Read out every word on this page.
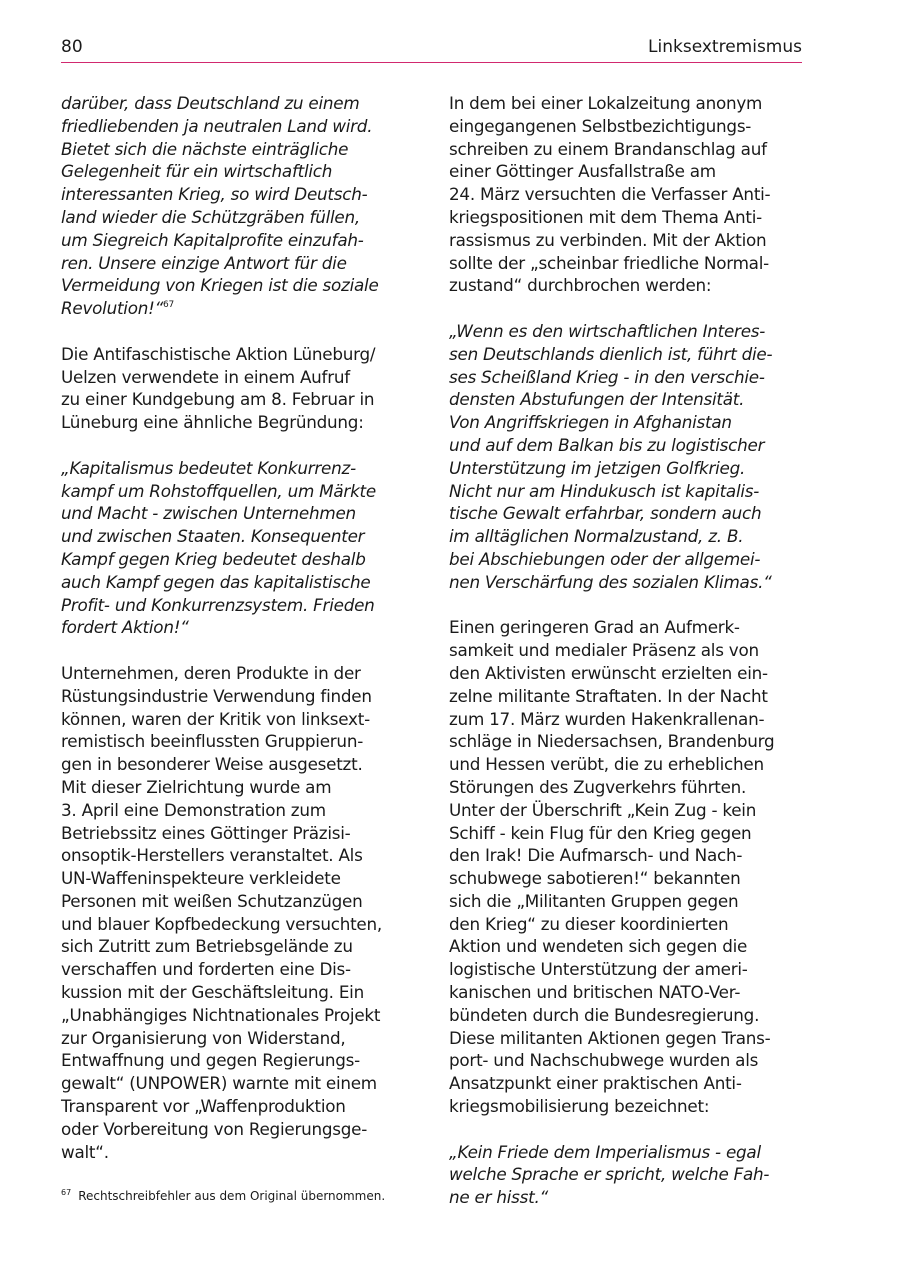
80	Linksextremismus
darüber, dass Deutschland zu einem
friedliebenden ja neutralen Land wird.
Bietet sich die nächste einträgliche
Gelegenheit für ein wirtschaftlich
interessanten Krieg, so wird Deutsch-
land wieder die Schützgräben füllen,
um Siegreich Kapitalprofite einzufah-
ren. Unsere einzige Antwort für die
Vermeidung von Kriegen ist die soziale
Revolution!“$^{67}$
Die Antifaschistische Aktion Lüneburg/
Uelzen verwendete in einem Aufruf
zu einer Kundgebung am 8. Februar in
Lüneburg eine ähnliche Begründung:
„Kapitalismus bedeutet Konkurrenz-
kampf um Rohstoffquellen, um Märkte
und Macht - zwischen Unternehmen
und zwischen Staaten. Konsequenter
Kampf gegen Krieg bedeutet deshalb
auch Kampf gegen das kapitalistische
Profit- und Konkurrenzsystem. Frieden
fordert Aktion!“
Unternehmen, deren Produkte in der
Rüstungsindustrie Verwendung finden
können, waren der Kritik von linksext-
remistisch beeinflussten Gruppierun-
gen in besonderer Weise ausgesetzt.
Mit dieser Zielrichtung wurde am
3. April eine Demonstration zum
Betriebssitz eines Göttinger Präzisi-
onsoptik-Herstellers veranstaltet. Als
UN-Waffeninspekteure verkleidete
Personen mit weißen Schutzanzügen
und blauer Kopfbedeckung versuchten,
sich Zutritt zum Betriebsgelände zu
verschaffen und forderten eine Dis-
kussion mit der Geschäftsleitung. Ein
„Unabhängiges Nichtnationales Projekt
zur Organisierung von Widerstand,
Entwaffnung und gegen Regierungs-
gewalt“ (UNPOWER) warnte mit einem
Transparent vor „Waffenproduktion
oder Vorbereitung von Regierungsge-
walt“.
In dem bei einer Lokalzeitung anonym
eingegangenen Selbstbezichtigungs-
schreiben zu einem Brandanschlag auf
einer Göttinger Ausfallstraße am
24. März versuchten die Verfasser Anti-
kriegspositionen mit dem Thema Anti-
rassismus zu verbinden. Mit der Aktion
sollte der „scheinbar friedliche Normal-
zustand“ durchbrochen werden:
„Wenn es den wirtschaftlichen Interes-
sen Deutschlands dienlich ist, führt die-
ses Scheißland Krieg - in den verschie-
densten Abstufungen der Intensität.
Von Angriffskriegen in Afghanistan
und auf dem Balkan bis zu logistischer
Unterstützung im jetzigen Golfkrieg.
Nicht nur am Hindukusch ist kapitalis-
tische Gewalt erfahrbar, sondern auch
im alltäglichen Normalzustand, z. B.
bei Abschiebungen oder der allgemei-
nen Verschärfung des sozialen Klimas.“
Einen geringeren Grad an Aufmerk-
samkeit und medialer Präsenz als von
den Aktivisten erwünscht erzielten ein-
zelne militante Straftaten. In der Nacht
zum 17. März wurden Hakenkrallenan-
schläge in Niedersachsen, Brandenburg
und Hessen verübt, die zu erheblichen
Störungen des Zugverkehrs führten.
Unter der Überschrift „Kein Zug - kein
Schiff - kein Flug für den Krieg gegen
den Irak! Die Aufmarsch- und Nach-
schubwege sabotieren!“ bekannten
sich die „Militanten Gruppen gegen
den Krieg“ zu dieser koordinierten
Aktion und wendeten sich gegen die
logistische Unterstützung der ameri-
kanischen und britischen NATO-Ver-
bündeten durch die Bundesregierung.
Diese militanten Aktionen gegen Trans-
port- und Nachschubwege wurden als
Ansatzpunkt einer praktischen Anti-
kriegsmobilisierung bezeichnet:
„Kein Friede dem Imperialismus - egal
welche Sprache er spricht, welche Fah-
ne er hisst.“
$^{67}$ Rechtschreibfehler aus dem Original übernommen.
